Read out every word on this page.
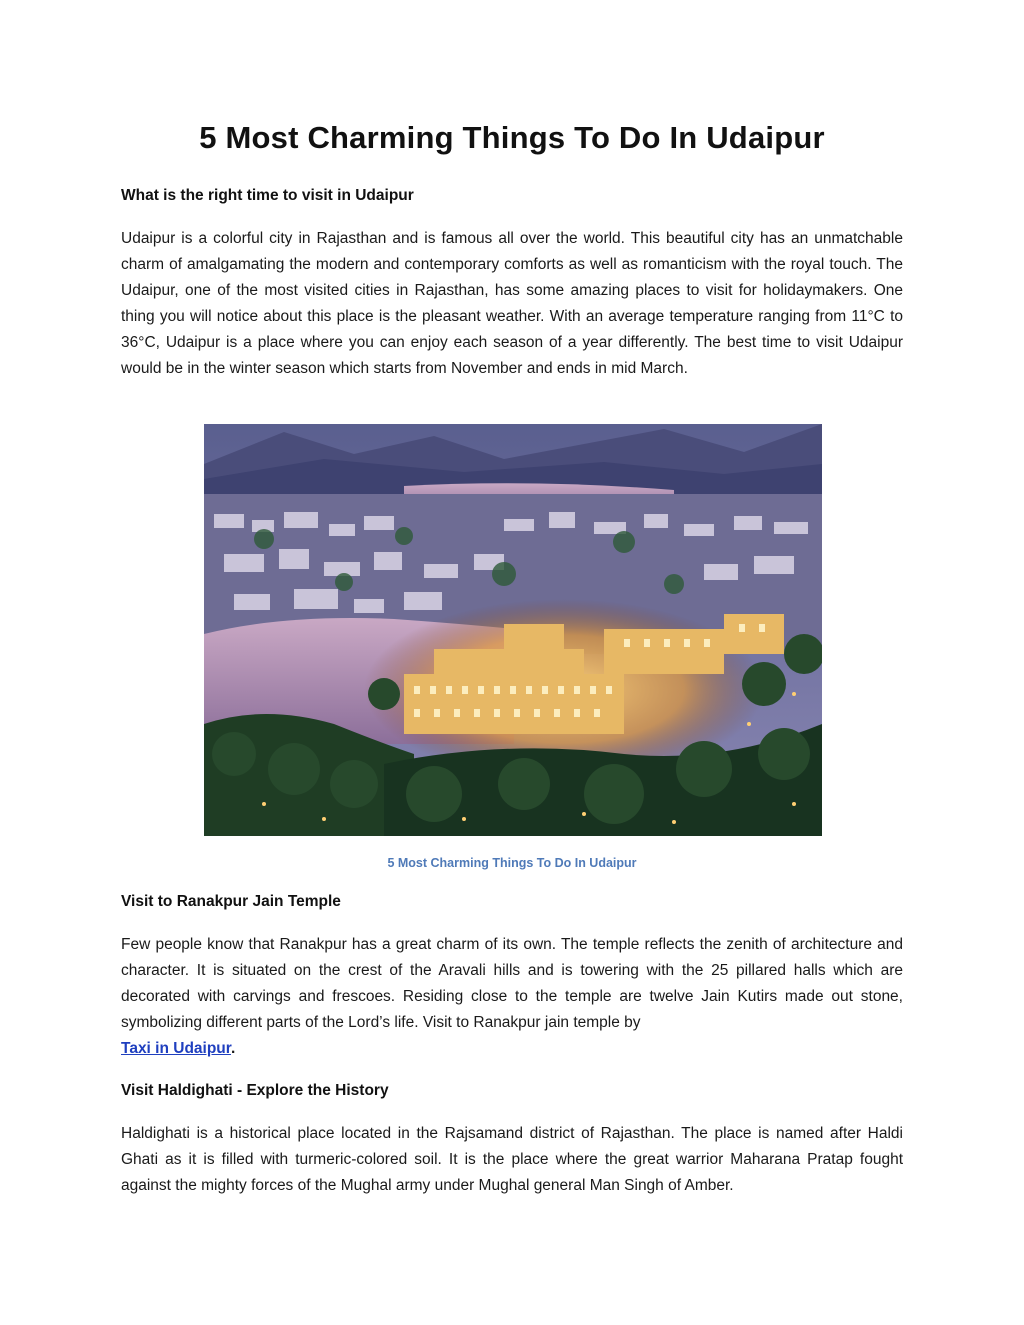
5 Most Charming Things To Do In Udaipur
What is the right time to visit in Udaipur

Udaipur is a colorful city in Rajasthan and is famous all over the world. This beautiful city has an unmatchable charm of amalgamating the modern and contemporary comforts as well as romanticism with the royal touch. The Udaipur, one of the most visited cities in Rajasthan, has some amazing places to visit for holidaymakers. One thing you will notice about this place is the pleasant weather. With an average temperature ranging from 11°C to 36°C, Udaipur is a place where you can enjoy each season of a year differently. The best time to visit Udaipur would be in the winter season which starts from November and ends in mid March.

5 Most Charming Things To Do In Udaipur

Visit to Ranakpur Jain Temple

Few people know that Ranakpur has a great charm of its own. The temple reflects the zenith of architecture and character. It is situated on the crest of the Aravali hills and is towering with the 25 pillared halls which are decorated with carvings and frescoes. Residing close to the temple are twelve Jain Kutirs made out stone, symbolizing different parts of the Lord’s life. Visit to Ranakpur jain temple by
Taxi in Udaipur.

Visit Haldighati - Explore the History

Haldighati is a historical place located in the Rajsamand district of Rajasthan. The place is named after Haldi Ghati as it is filled with turmeric-colored soil. It is the place where the great warrior Maharana Pratap fought against the mighty forces of the Mughal army under Mughal general Man Singh of Amber.
